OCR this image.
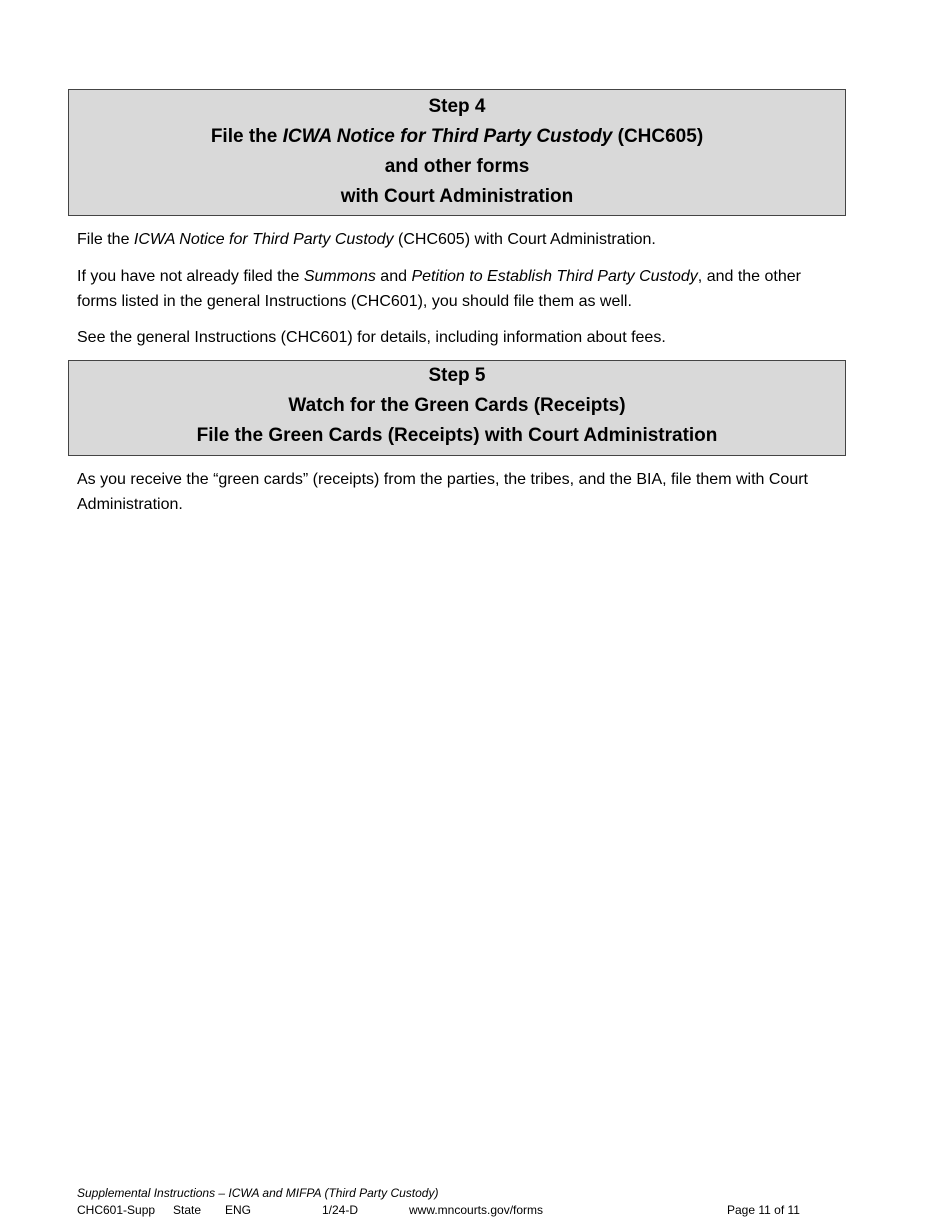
Step 4
File the ICWA Notice for Third Party Custody (CHC605)
and other forms
with Court Administration

File the ICWA Notice for Third Party Custody (CHC605) with Court Administration.

If you have not already filed the Summons and Petition to Establish Third Party Custody, and the other forms listed in the general Instructions (CHC601), you should file them as well.

See the general Instructions (CHC601) for details, including information about fees.

Step 5
Watch for the Green Cards (Receipts)
File the Green Cards (Receipts) with Court Administration

As you receive the “green cards” (receipts) from the parties, the tribes, and the BIA, file them with Court Administration.

Supplemental Instructions – ICWA and MIFPA (Third Party Custody)
CHC601-Supp State ENG	1/24-D	www.mncourts.gov/forms	Page 11 of 11
